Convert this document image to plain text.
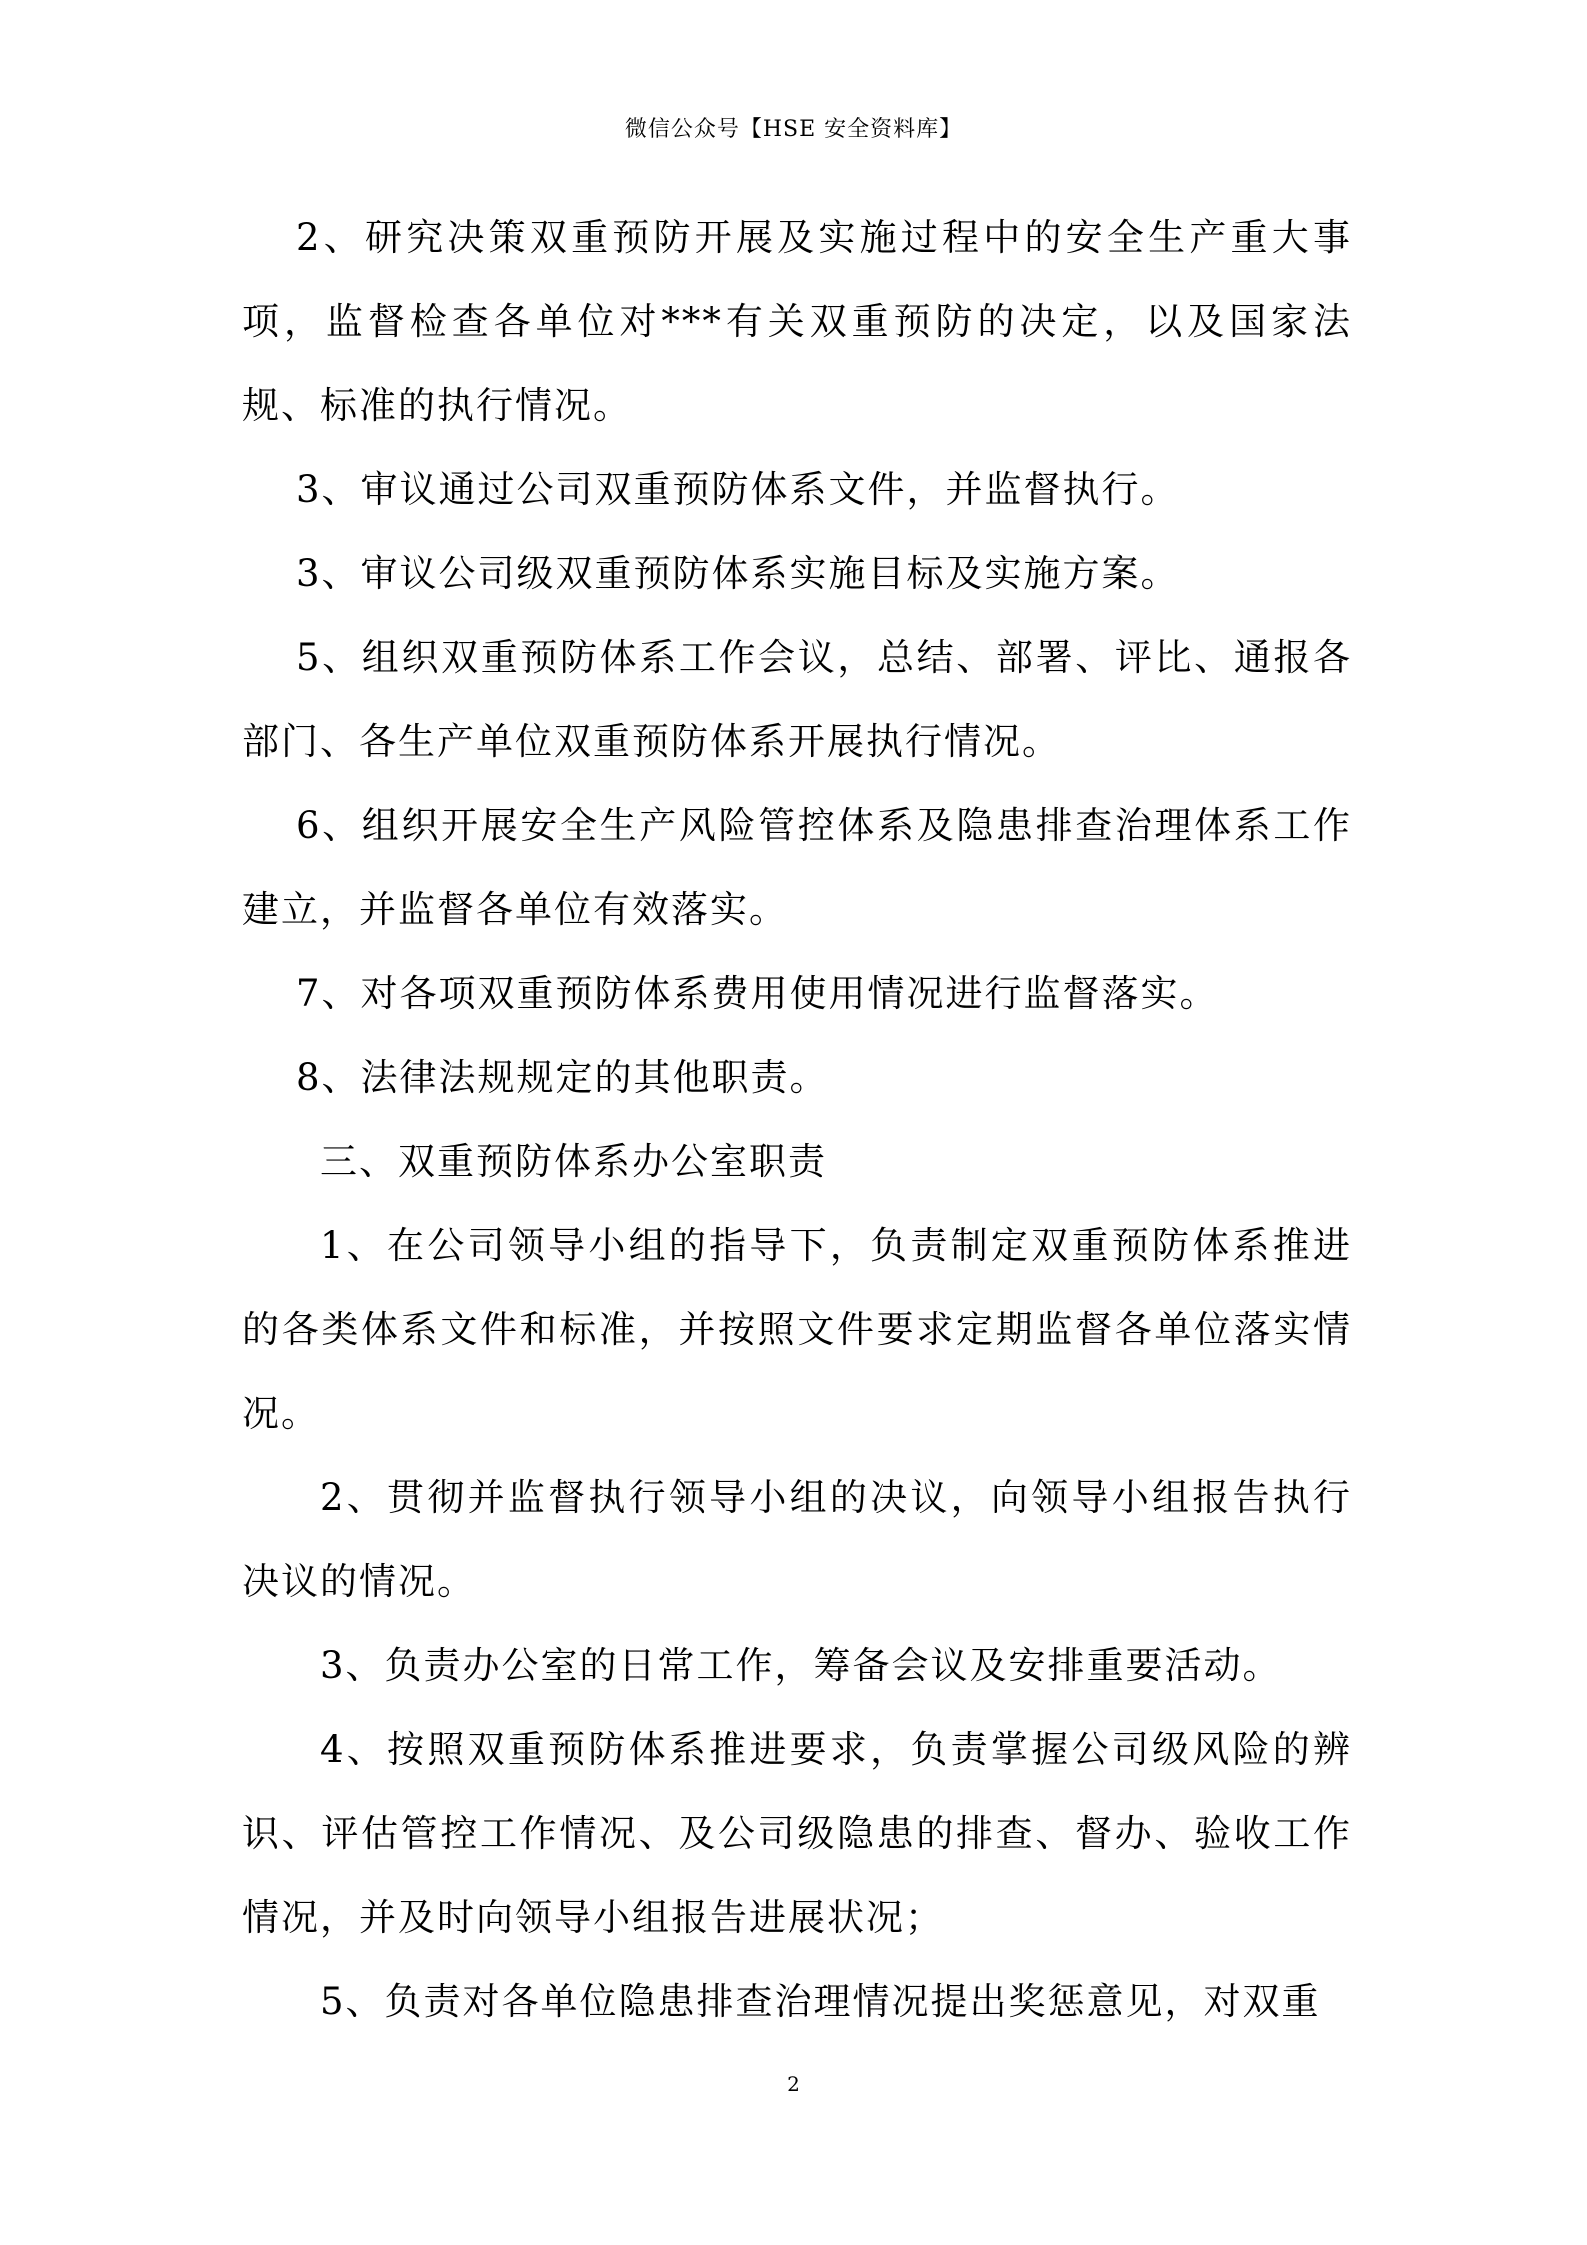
微信公众号【HSE 安全资料库】

2、研究决策双重预防开展及实施过程中的安全生产重大事项，监督检查各单位对***有关双重预防的决定，以及国家法规、标准的执行情况。

3、审议通过公司双重预防体系文件，并监督执行。

3、审议公司级双重预防体系实施目标及实施方案。

5、组织双重预防体系工作会议，总结、部署、评比、通报各部门、各生产单位双重预防体系开展执行情况。

6、组织开展安全生产风险管控体系及隐患排查治理体系工作建立，并监督各单位有效落实。

7、对各项双重预防体系费用使用情况进行监督落实。

8、法律法规规定的其他职责。

三、双重预防体系办公室职责

1、在公司领导小组的指导下，负责制定双重预防体系推进的各类体系文件和标准，并按照文件要求定期监督各单位落实情况。

2、贯彻并监督执行领导小组的决议，向领导小组报告执行决议的情况。

3、负责办公室的日常工作，筹备会议及安排重要活动。

4、按照双重预防体系推进要求，负责掌握公司级风险的辨识、评估管控工作情况、及公司级隐患的排查、督办、验收工作情况，并及时向领导小组报告进展状况；

5、负责对各单位隐患排查治理情况提出奖惩意见，对双重

2
